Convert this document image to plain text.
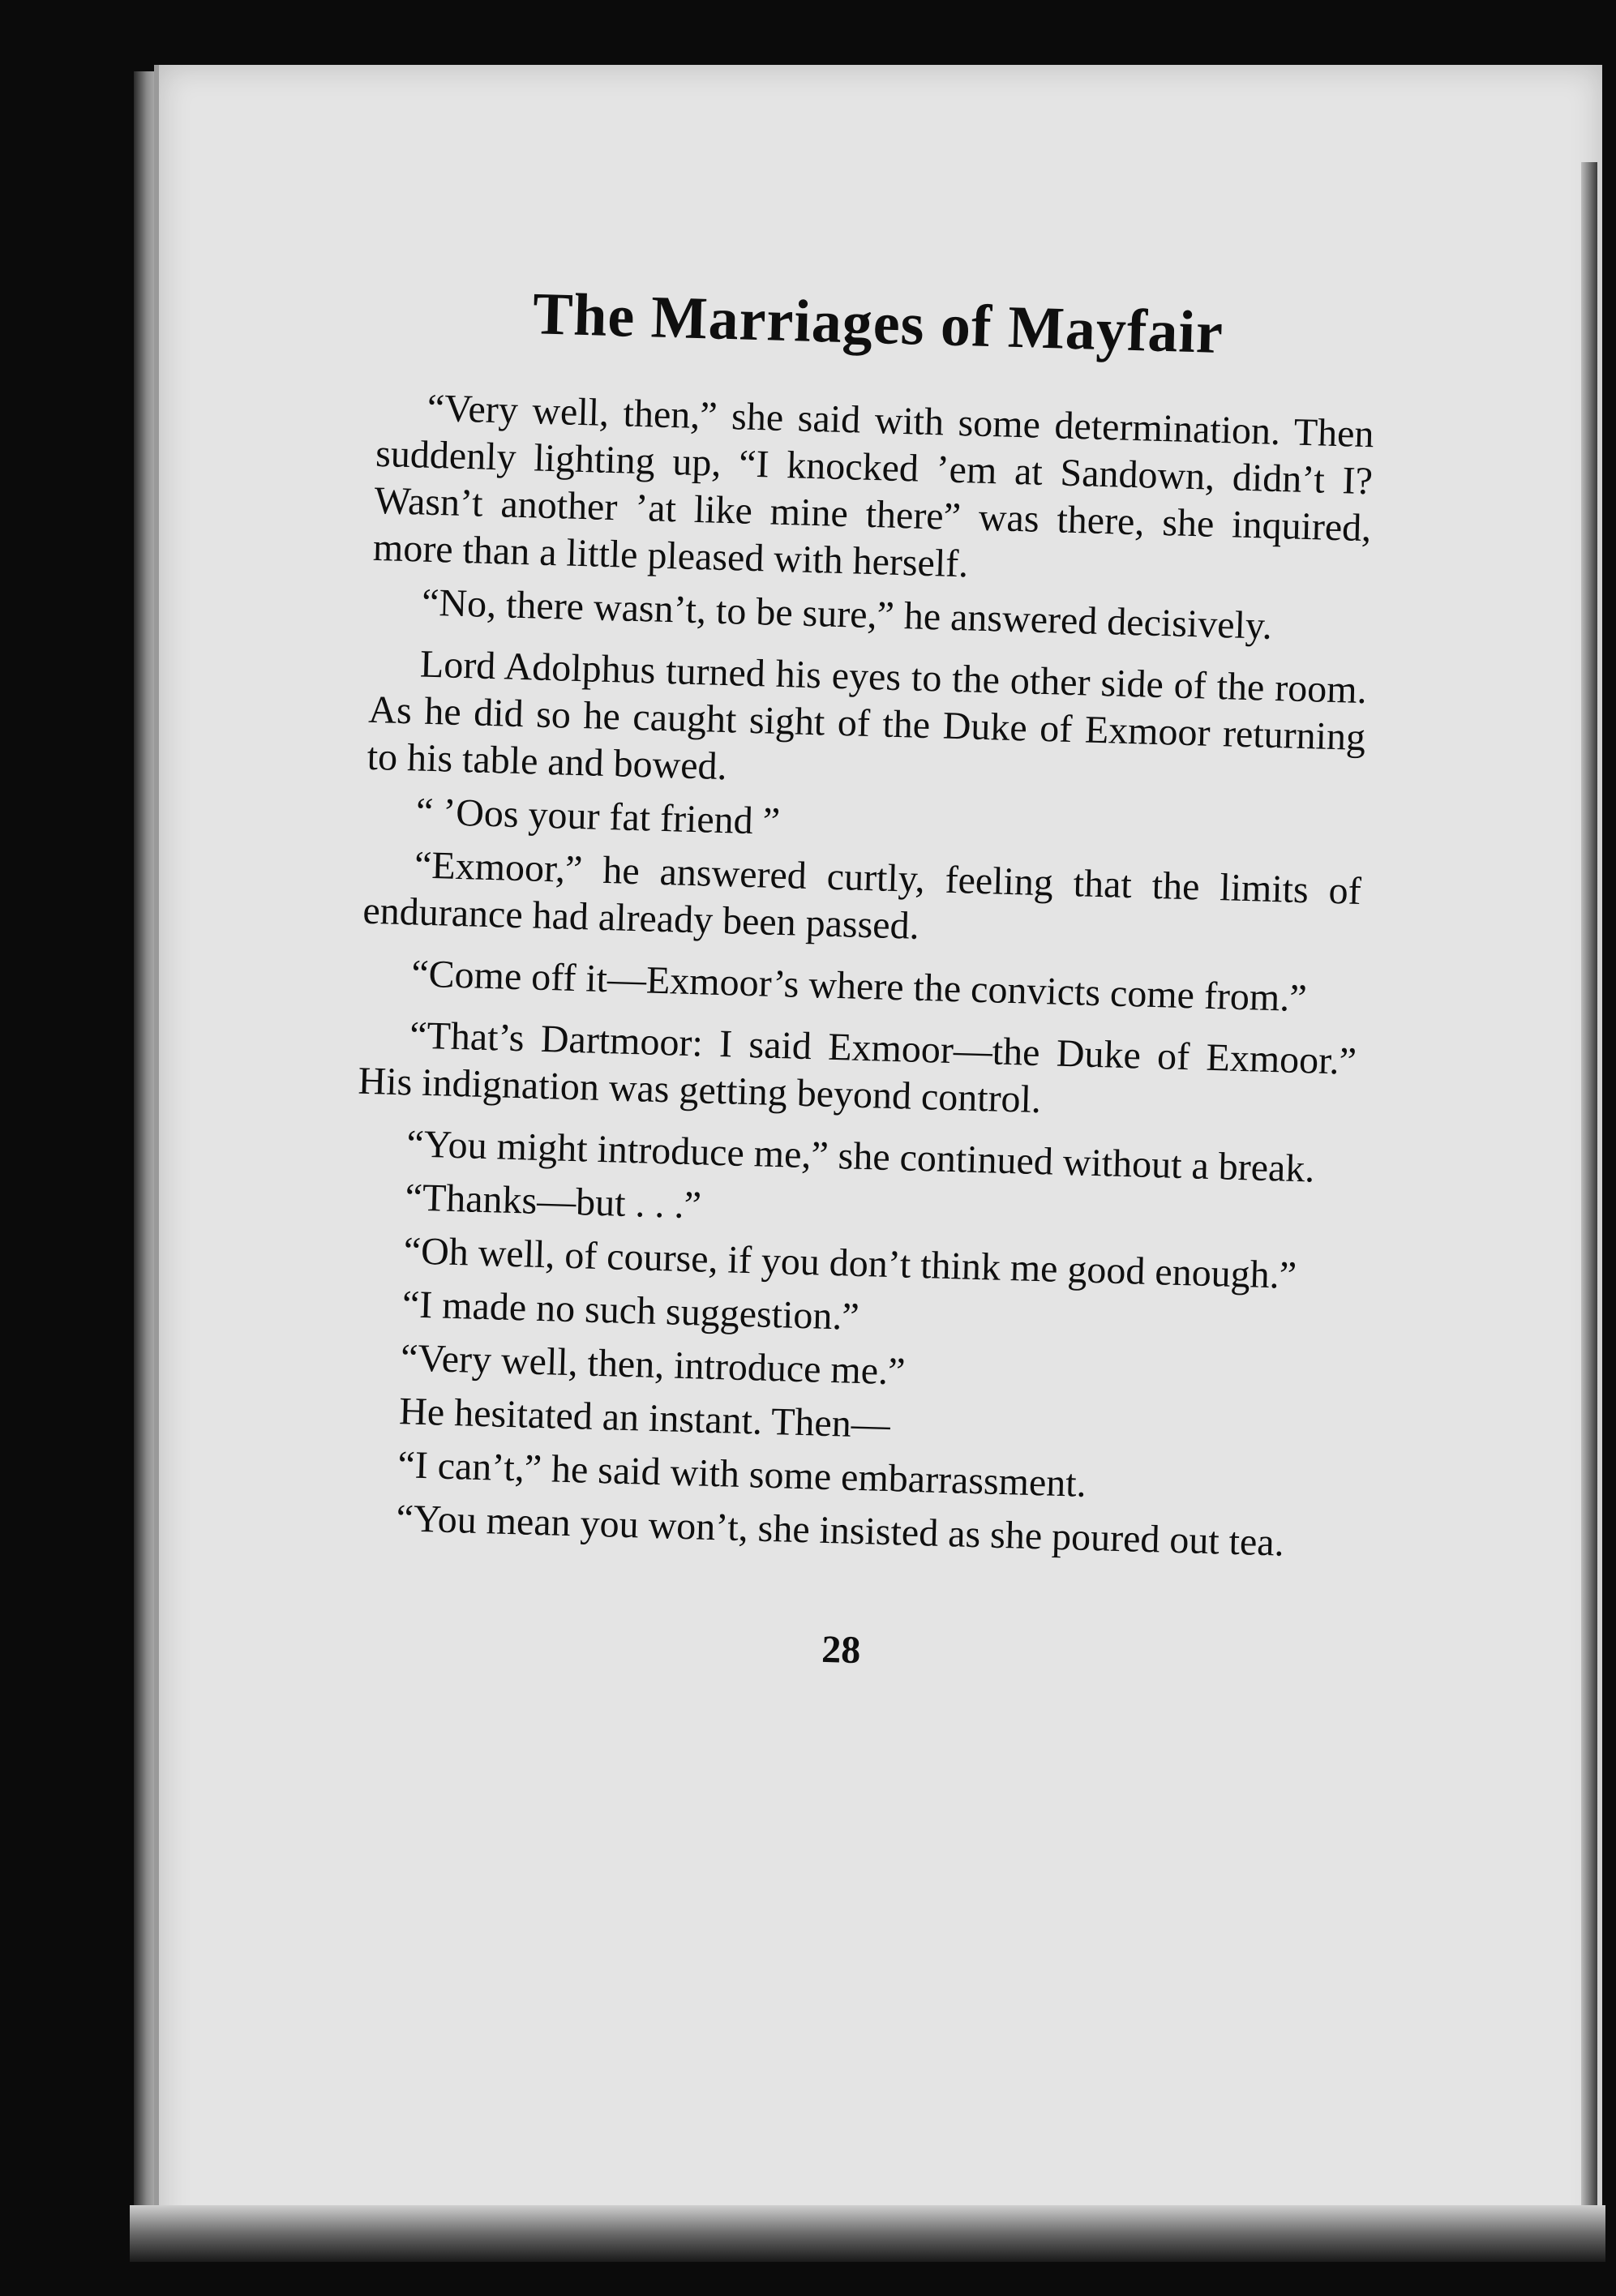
The Marriages of Mayfair

“Very well, then,” she said with some determination. Then suddenly lighting up, “I knocked ’em at Sandown, didn’t I? Wasn’t another ’at like mine there” was there, she inquired, more than a little pleased with herself.

“No, there wasn’t, to be sure,” he answered decisively.

Lord Adolphus turned his eyes to the other side of the room. As he did so he caught sight of the Duke of Exmoor returning to his table and bowed.

“ ’Oos your fat friend ”

“Exmoor,” he answered curtly, feeling that the limits of endurance had already been passed.

“Come off it—Exmoor’s where the convicts come from.”

“That’s Dartmoor: I said Exmoor—the Duke of Exmoor.” His indignation was getting beyond control.

“You might introduce me,” she continued without a break.

“Thanks—but . . .”

“Oh well, of course, if you don’t think me good enough.”

“I made no such suggestion.”

“Very well, then, introduce me.”

He hesitated an instant. Then—

“I can’t,” he said with some embarrassment.

“You mean you won’t, she insisted as she poured out tea.

28
